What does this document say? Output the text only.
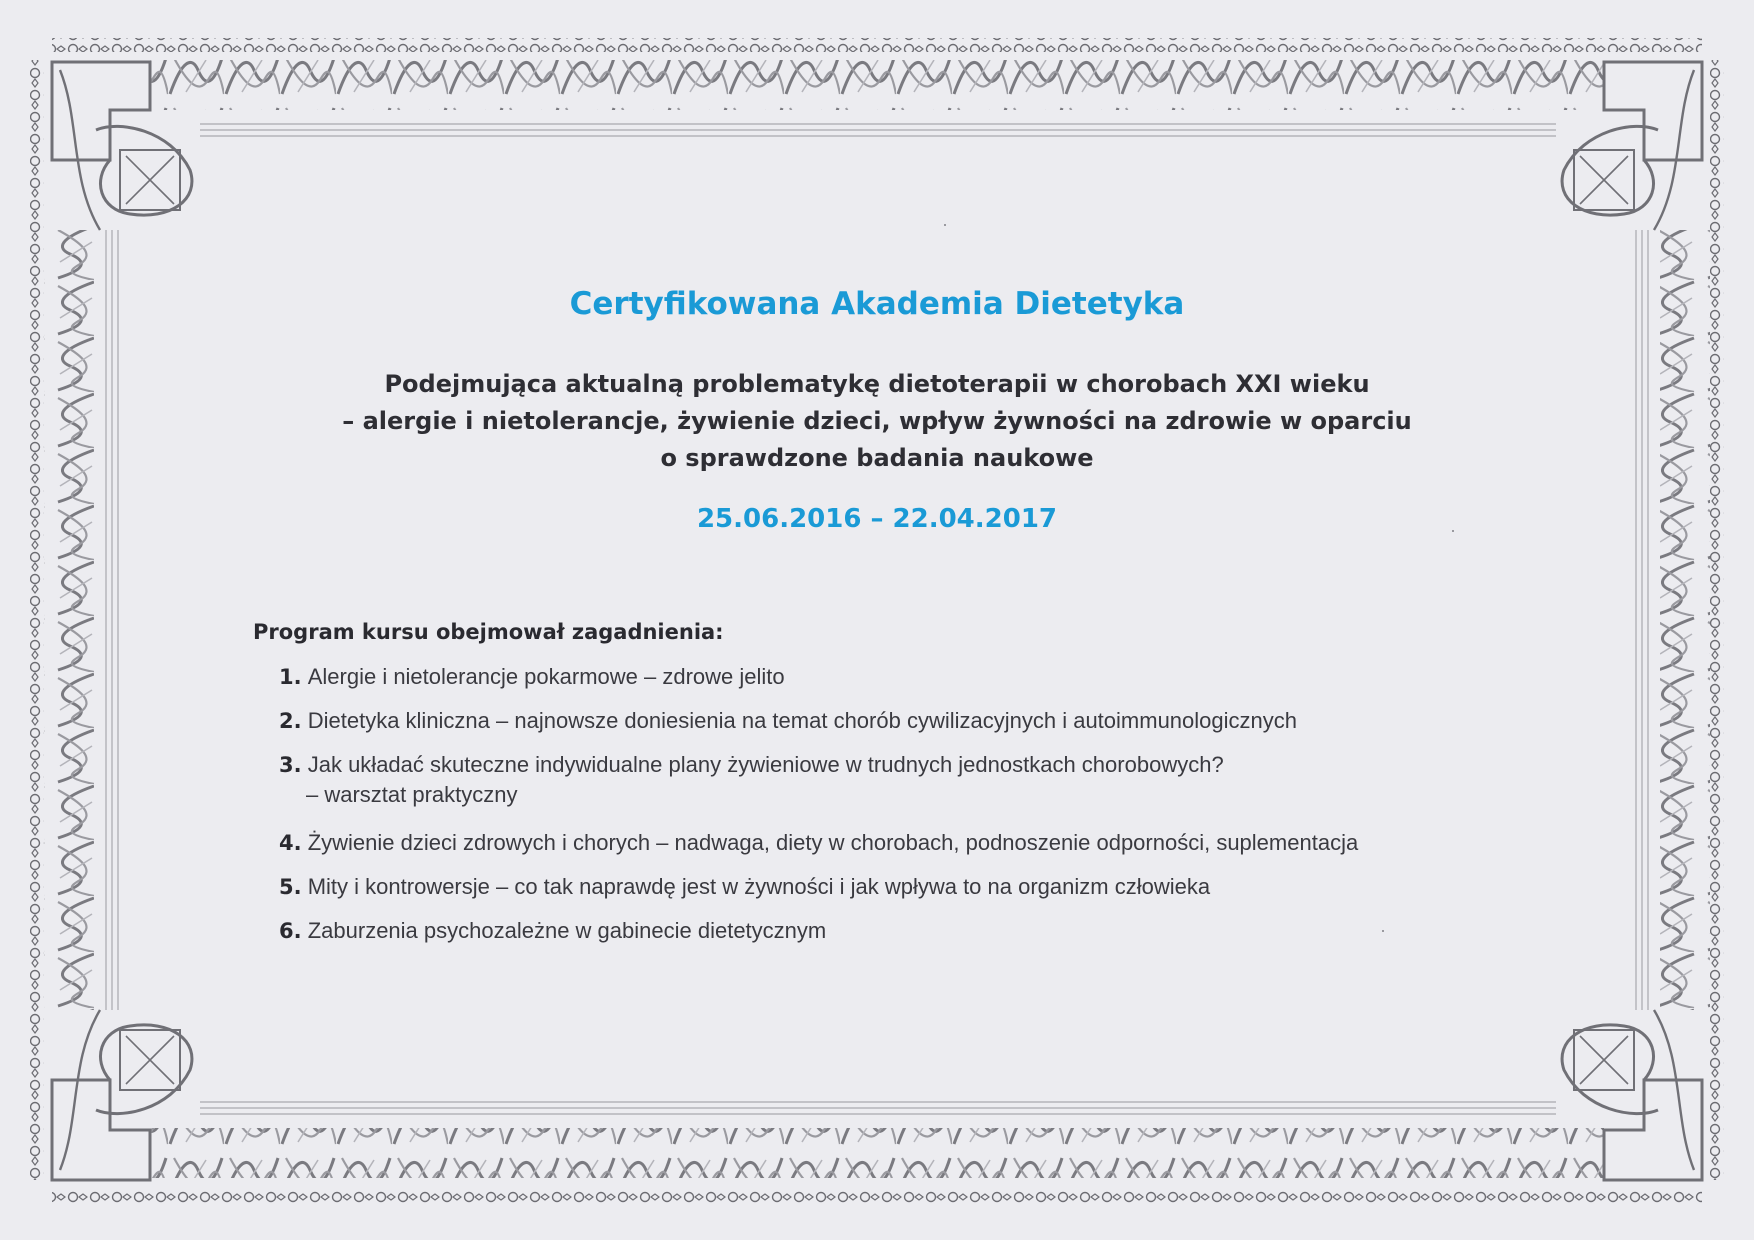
Certyfikowana Akademia Dietetyka
Podejmująca aktualną problematykę dietoterapii w chorobach XXI wieku
– alergie i nietolerancje, żywienie dzieci, wpływ żywności na zdrowie w oparciu
o sprawdzone badania naukowe
25.06.2016 – 22.04.2017
Program kursu obejmował zagadnienia:
1. Alergie i nietolerancje pokarmowe – zdrowe jelito
2. Dietetyka kliniczna – najnowsze doniesienia na temat chorób cywilizacyjnych i autoimmunologicznych
3. Jak układać skuteczne indywidualne plany żywieniowe w trudnych jednostkach chorobowych?
– warsztat praktyczny
4. Żywienie dzieci zdrowych i chorych – nadwaga, diety w chorobach, podnoszenie odporności, suplementacja
5. Mity i kontrowersje – co tak naprawdę jest w żywności i jak wpływa to na organizm człowieka
6. Zaburzenia psychozależne w gabinecie dietetycznym
